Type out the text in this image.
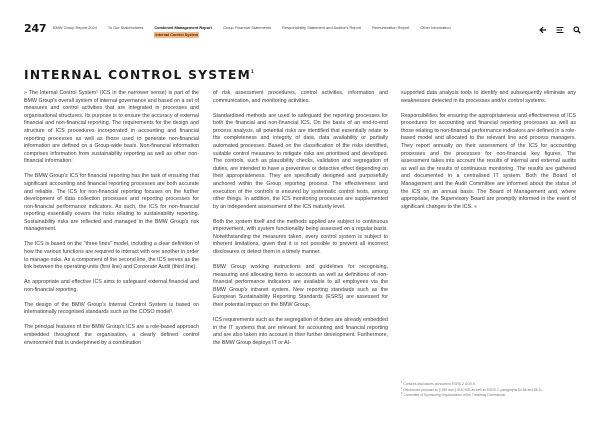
247 BMW Group Report 2024	To Our Stakeholders	Combined Management Report
Internal Control System
Group Financial Statements	Responsibility Statement and Auditor's Report	Remuneration Report	Other Information
INTERNAL CONTROL SYSTEM$^1$

» The Internal Control System¹ (ICS in the narrower sense) is part of the BMW Group's overall system of internal governance and based on a set of measures and control activities that are integrated in processes and organisational structures. Its purpose is to ensure the accuracy of external financial and non-financial reporting. The requirements for the design and structure of ICS procedures incorporated in accounting and financial reporting processes as well as those used to generate non-financial information are defined on a Group-wide basis. Non-financial information comprises information from sustainability reporting as well as other non-financial information.

The BMW Group's ICS for financial reporting has the task of ensuring that significant accounting and financial reporting processes are both accurate and reliable. The ICS for non-financial reporting focuses on the further development of data collection processes and reporting processes for non-financial performance indicators. As such, the ICS for non-financial reporting essentially covers the risks relating to sustainability reporting. Sustainability risks are reflected and managed in the BMW Group's risk management.

The ICS is based on the "three lines" model, including a clear definition of how the various functions are required to interact with one another in order to manage risks. As a component of the second line, the ICS serves as the link between the operating units (first line) and Corporate Audit (third line).

An appropriate and effective ICS aims to safeguard external financial and non-financial reporting.

The design of the BMW Group's Internal Control System is based on internationally recognised standards such as the COSO model³.

The principal features of the BMW Group's ICS are a role-based approach embedded throughout the organisation, a clearly defined control environment that is underpinned by a combination

of risk assessment procedures, control activities, information and communication, and monitoring activities.

Standardised methods are used to safeguard the reporting processes for both the financial and non-financial ICS. On the basis of an end-to-end process analysis, all potential risks are identified that essentially relate to the completeness and integrity of data, data availability or partially automated processes. Based on the classification of the risks identified, suitable control measures to mitigate risks are prioritised and developed. The controls, such as plausibility checks, validation and segregation of duties, are intended to have a preventive or detective effect depending on their appropriateness. They are specifically designed and purposefully anchored within the Group reporting process. The effectiveness and execution of the controls is ensured by systematic control tests, among other things. In addition, the ICS monitoring processes are supplemented by an independent assessment of the ICS maturity level.

Both the system itself and the methods applied are subject to continuous improvement, with system functionality being assessed on a regular basis. Notwithstanding the measures taken, every control system is subject to inherent limitations, given that it is not possible to prevent all incorrect disclosures or detect them in a timely manner.

BMW Group working instructions and guidelines for recognising, measuring and allocating items to accounts as well as definitions of non-financial performance indicators are available to all employees via the BMW Group's intranet system. New reporting standards such as the European Sustainability Reporting Standards (ESRS) are assessed for their potential impact on the BMW Group.

ICS requirements such as the segregation of duties are already embedded in the IT systems that are relevant for accounting and financial reporting and are also taken into account in their further development. Furthermore, the BMW Group deploys IT or AI-

supported data analysis tools to identify and subsequently eliminate any weaknesses detected in its processes and/or control systems.

Responsibilities for ensuring the appropriateness and effectiveness of ICS procedures for accounting and financial reporting processes as well as those relating to non-financial performance indicators are defined in a role-based model and allocated to the relevant line and process managers. They report annually on their assessment of the ICS for accounting processes and the processes for non-financial key figures. The assessment takes into account the results of internal and external audits as well as the results of continuous monitoring. The results are gathered and documented in a centralised IT system. Both the Board of Management and the Audit Committee are informed about the status of the ICS on an annual basis. The Board of Management and, where appropriate, the Supervisory Board are promptly informed in the event of significant changes to the ICS. «

$^1$ Contains disclosures pursuant to ESRS 2 GOV-5.

$^2$ Disclosures pursuant to § 289 and § 315 HGB as well as ESRS 2, paragraphs 84-86 and 88 11.

$^3$ Committee of Sponsoring Organizations of the Treadway Commission.
